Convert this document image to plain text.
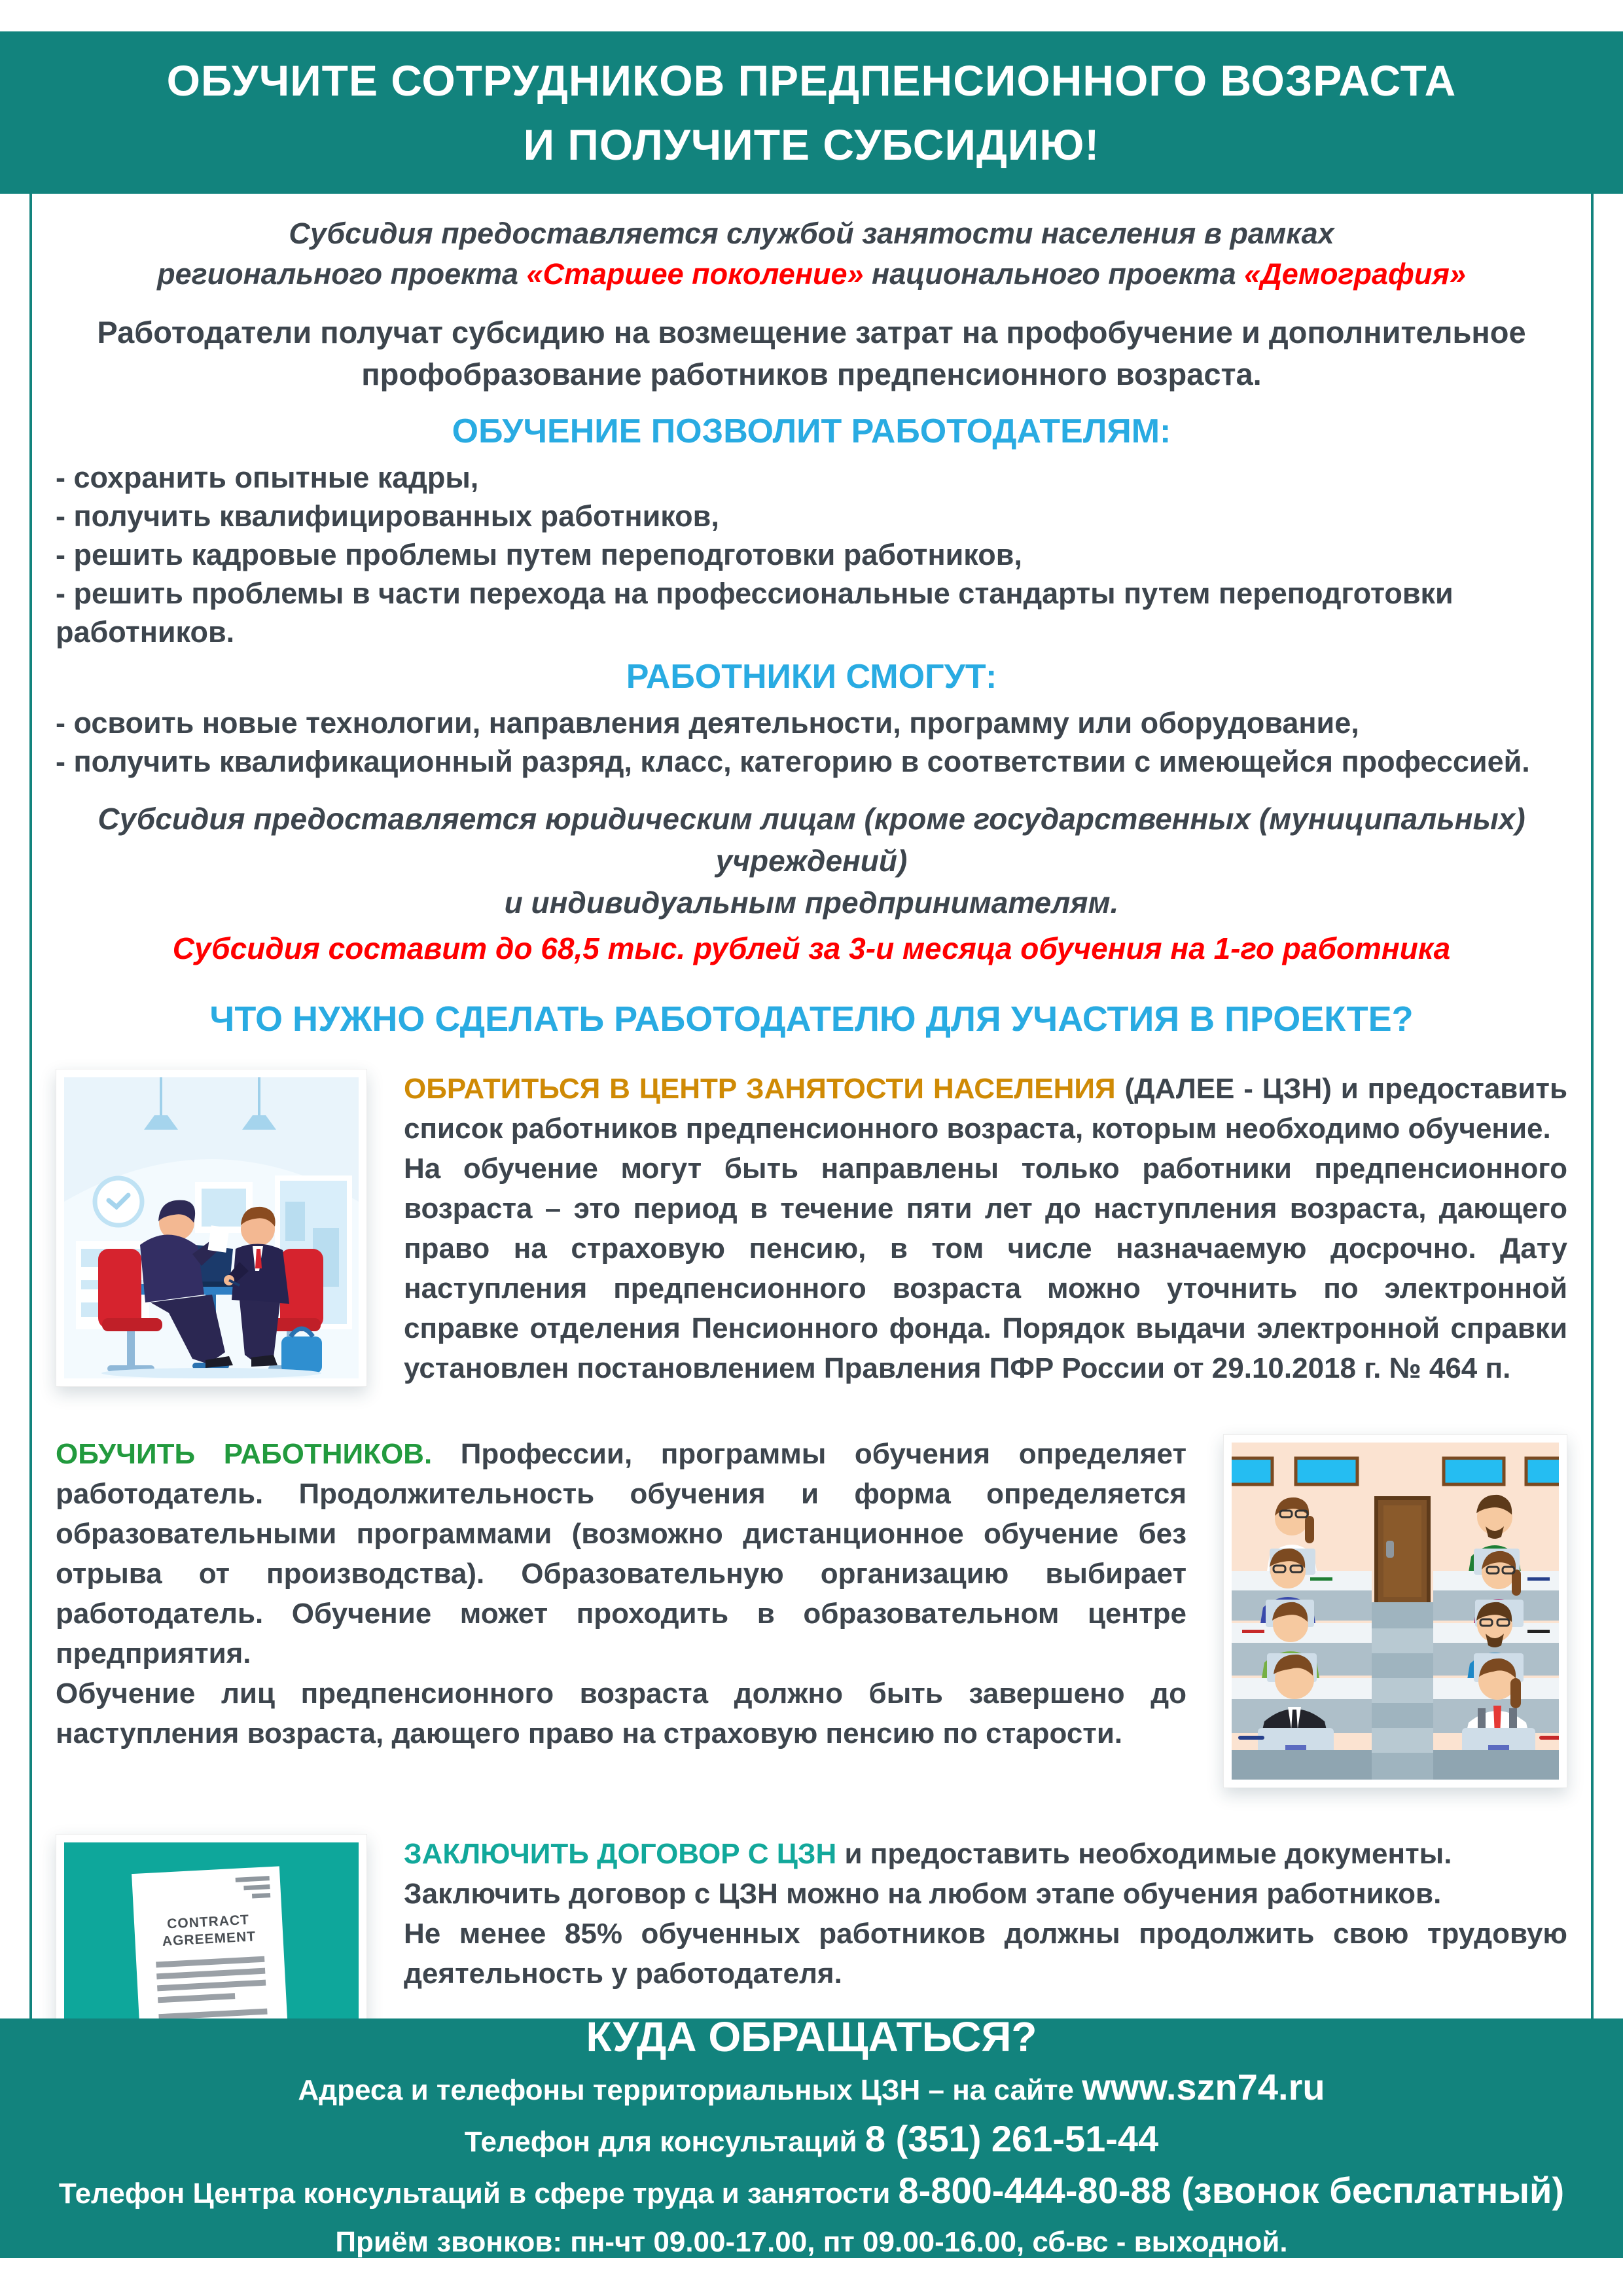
ОБУЧИТЕ СОТРУДНИКОВ ПРЕДПЕНСИОННОГО ВОЗРАСТА
И ПОЛУЧИТЕ СУБСИДИЮ!
Субсидия предоставляется службой занятости населения в рамках
регионального проекта «Старшее поколение» национального проекта «Демография»

Работодатели получат субсидию на возмещение затрат на профобучение и дополнительное профобразование работников предпенсионного возраста.

ОБУЧЕНИЕ ПОЗВОЛИТ РАБОТОДАТЕЛЯМ:
- сохранить опытные кадры,
- получить квалифицированных работников,
- решить кадровые проблемы путем переподготовки работников,
- решить проблемы в части перехода на профессиональные стандарты путем переподготовки работников.
РАБОТНИКИ СМОГУТ:
- освоить новые технологии, направления деятельности, программу или оборудование,
- получить квалификационный разряд, класс, категорию в соответствии с имеющейся профессией.
Субсидия предоставляется юридическим лицам (кроме государственных (муниципальных) учреждений)
и индивидуальным предпринимателям.
Субсидия составит до 68,5 тыс. рублей за 3-и месяца обучения на 1-го работника
ЧТО НУЖНО СДЕЛАТЬ РАБОТОДАТЕЛЮ ДЛЯ УЧАСТИЯ В ПРОЕКТЕ?

ОБРАТИТЬСЯ В ЦЕНТР ЗАНЯТОСТИ НАСЕЛЕНИЯ (ДАЛЕЕ - ЦЗН) и предоставить список работников предпенсионного возраста, которым необходимо обучение.

На обучение могут быть направлены только работники предпенсионного возраста – это период в течение пяти лет до наступления возраста, дающего право на страховую пенсию, в том числе назначаемую досрочно. Дату наступления предпенсионного возраста можно уточнить по электронной справке отделения Пенсионного фонда. Порядок выдачи электронной справки установлен постановлением Правления ПФР России от 29.10.2018 г. № 464 п.

ОБУЧИТЬ РАБОТНИКОВ. Профессии, программы обучения определяет работодатель. Продолжительность обучения и форма определяется образовательными программами (возможно дистанционное обучение без отрыва от производства). Образовательную организацию выбирает работодатель. Обучение может проходить в образовательном центре предприятия.

Обучение лиц предпенсионного возраста должно быть завершено до наступления возраста, дающего право на страховую пенсию по старости.

CONTRACT
AGREEMENT

ЗАКЛЮЧИТЬ ДОГОВОР С ЦЗН и предоставить необходимые документы.

Заключить договор с ЦЗН можно на любом этапе обучения работников.

Не менее 85% обученных работников должны продолжить свою трудовую деятельность у работодателя.

КУДА ОБРАЩАТЬСЯ?
Адреса и телефоны территориальных ЦЗН – на сайте www.szn74.ru
Телефон для консультаций 8 (351) 261-51-44
Телефон Центра консультаций в сфере труда и занятости 8-800-444-80-88 (звонок бесплатный)
Приём звонков: пн-чт 09.00-17.00, пт 09.00-16.00, сб-вс - выходной.
